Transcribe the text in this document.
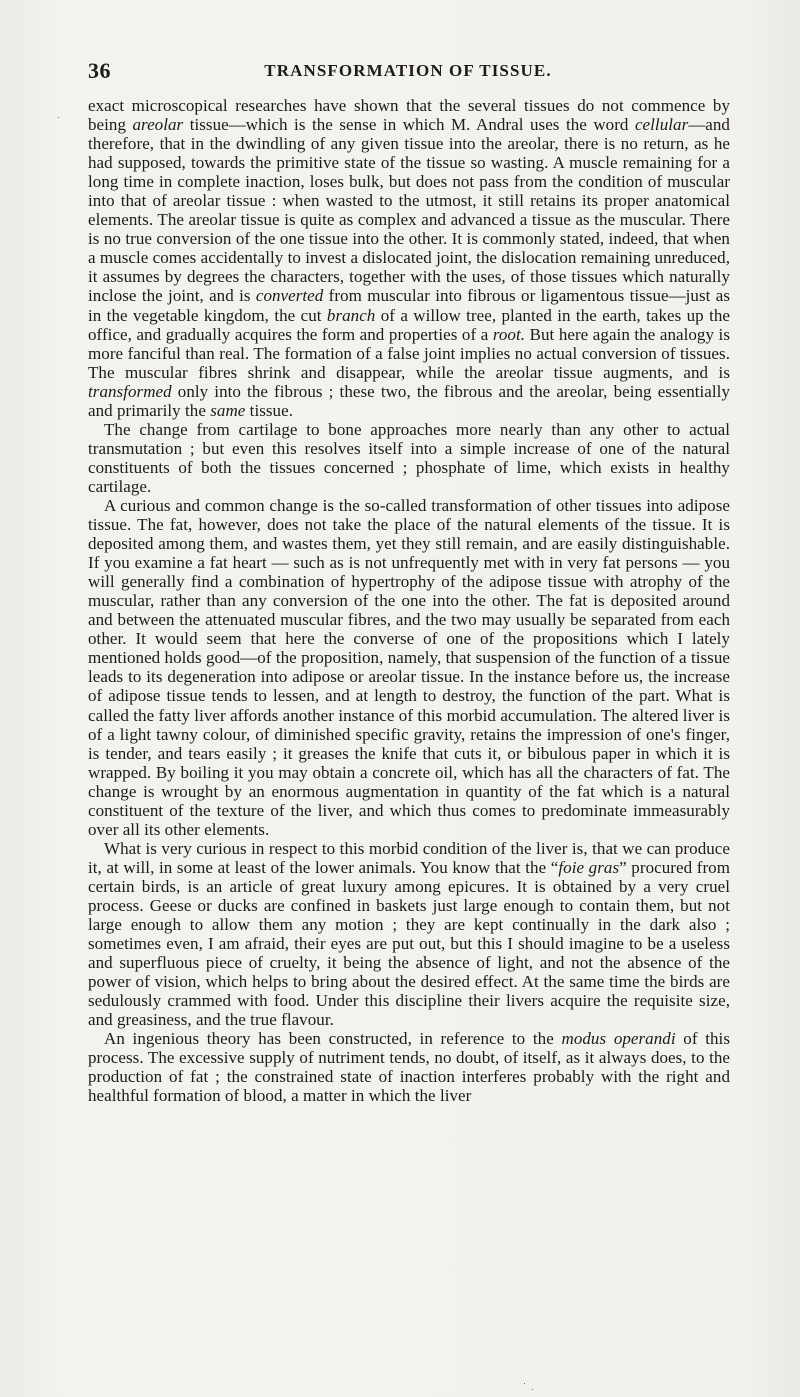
36	TRANSFORMATION OF TISSUE.

exact microscopical researches have shown that the several tissues do not commence by being areolar tissue—which is the sense in which M. Andral uses the word cellular—and therefore, that in the dwindling of any given tissue into the areolar, there is no return, as he had supposed, towards the primitive state of the tissue so wasting. A muscle remaining for a long time in complete inaction, loses bulk, but does not pass from the condition of muscular into that of areolar tissue : when wasted to the utmost, it still retains its proper anatomical elements. The areolar tissue is quite as complex and advanced a tissue as the muscular. There is no true conversion of the one tissue into the other. It is commonly stated, indeed, that when a muscle comes accidentally to invest a dislocated joint, the dislocation remaining unreduced, it assumes by degrees the characters, together with the uses, of those tissues which naturally inclose the joint, and is converted from muscular into fibrous or ligamentous tissue—just as in the vegetable kingdom, the cut branch of a willow tree, planted in the earth, takes up the office, and gradually acquires the form and properties of a root. But here again the analogy is more fanciful than real. The formation of a false joint implies no actual conversion of tissues. The muscular fibres shrink and disappear, while the areolar tissue augments, and is transformed only into the fibrous ; these two, the fibrous and the areolar, being essentially and primarily the same tissue.

The change from cartilage to bone approaches more nearly than any other to actual transmutation ; but even this resolves itself into a simple increase of one of the natural constituents of both the tissues concerned ; phosphate of lime, which exists in healthy cartilage.

A curious and common change is the so-called transformation of other tissues into adipose tissue. The fat, however, does not take the place of the natural elements of the tissue. It is deposited among them, and wastes them, yet they still remain, and are easily distinguishable. If you examine a fat heart — such as is not unfrequently met with in very fat persons — you will generally find a combination of hypertrophy of the adipose tissue with atrophy of the muscular, rather than any conversion of the one into the other. The fat is deposited around and between the attenuated muscular fibres, and the two may usually be separated from each other. It would seem that here the converse of one of the propositions which I lately mentioned holds good—of the proposition, namely, that suspension of the function of a tissue leads to its degeneration into adipose or areolar tissue. In the instance before us, the increase of adipose tissue tends to lessen, and at length to destroy, the function of the part. What is called the fatty liver affords another instance of this morbid accumulation. The altered liver is of a light tawny colour, of diminished specific gravity, retains the impression of one's finger, is tender, and tears easily ; it greases the knife that cuts it, or bibulous paper in which it is wrapped. By boiling it you may obtain a concrete oil, which has all the characters of fat. The change is wrought by an enormous augmentation in quantity of the fat which is a natural constituent of the texture of the liver, and which thus comes to predominate immeasurably over all its other elements.

What is very curious in respect to this morbid condition of the liver is, that we can produce it, at will, in some at least of the lower animals. You know that the “foie gras” procured from certain birds, is an article of great luxury among epicures. It is obtained by a very cruel process. Geese or ducks are confined in baskets just large enough to contain them, but not large enough to allow them any motion ; they are kept continually in the dark also ; sometimes even, I am afraid, their eyes are put out, but this I should imagine to be a useless and superfluous piece of cruelty, it being the absence of light, and not the absence of the power of vision, which helps to bring about the desired effect. At the same time the birds are sedulously crammed with food. Under this discipline their livers acquire the requisite size, and greasiness, and the true flavour.

An ingenious theory has been constructed, in reference to the modus operandi of this process. The excessive supply of nutriment tends, no doubt, of itself, as it always does, to the production of fat ; the constrained state of inaction interferes probably with the right and healthful formation of blood, a matter in which the liver
